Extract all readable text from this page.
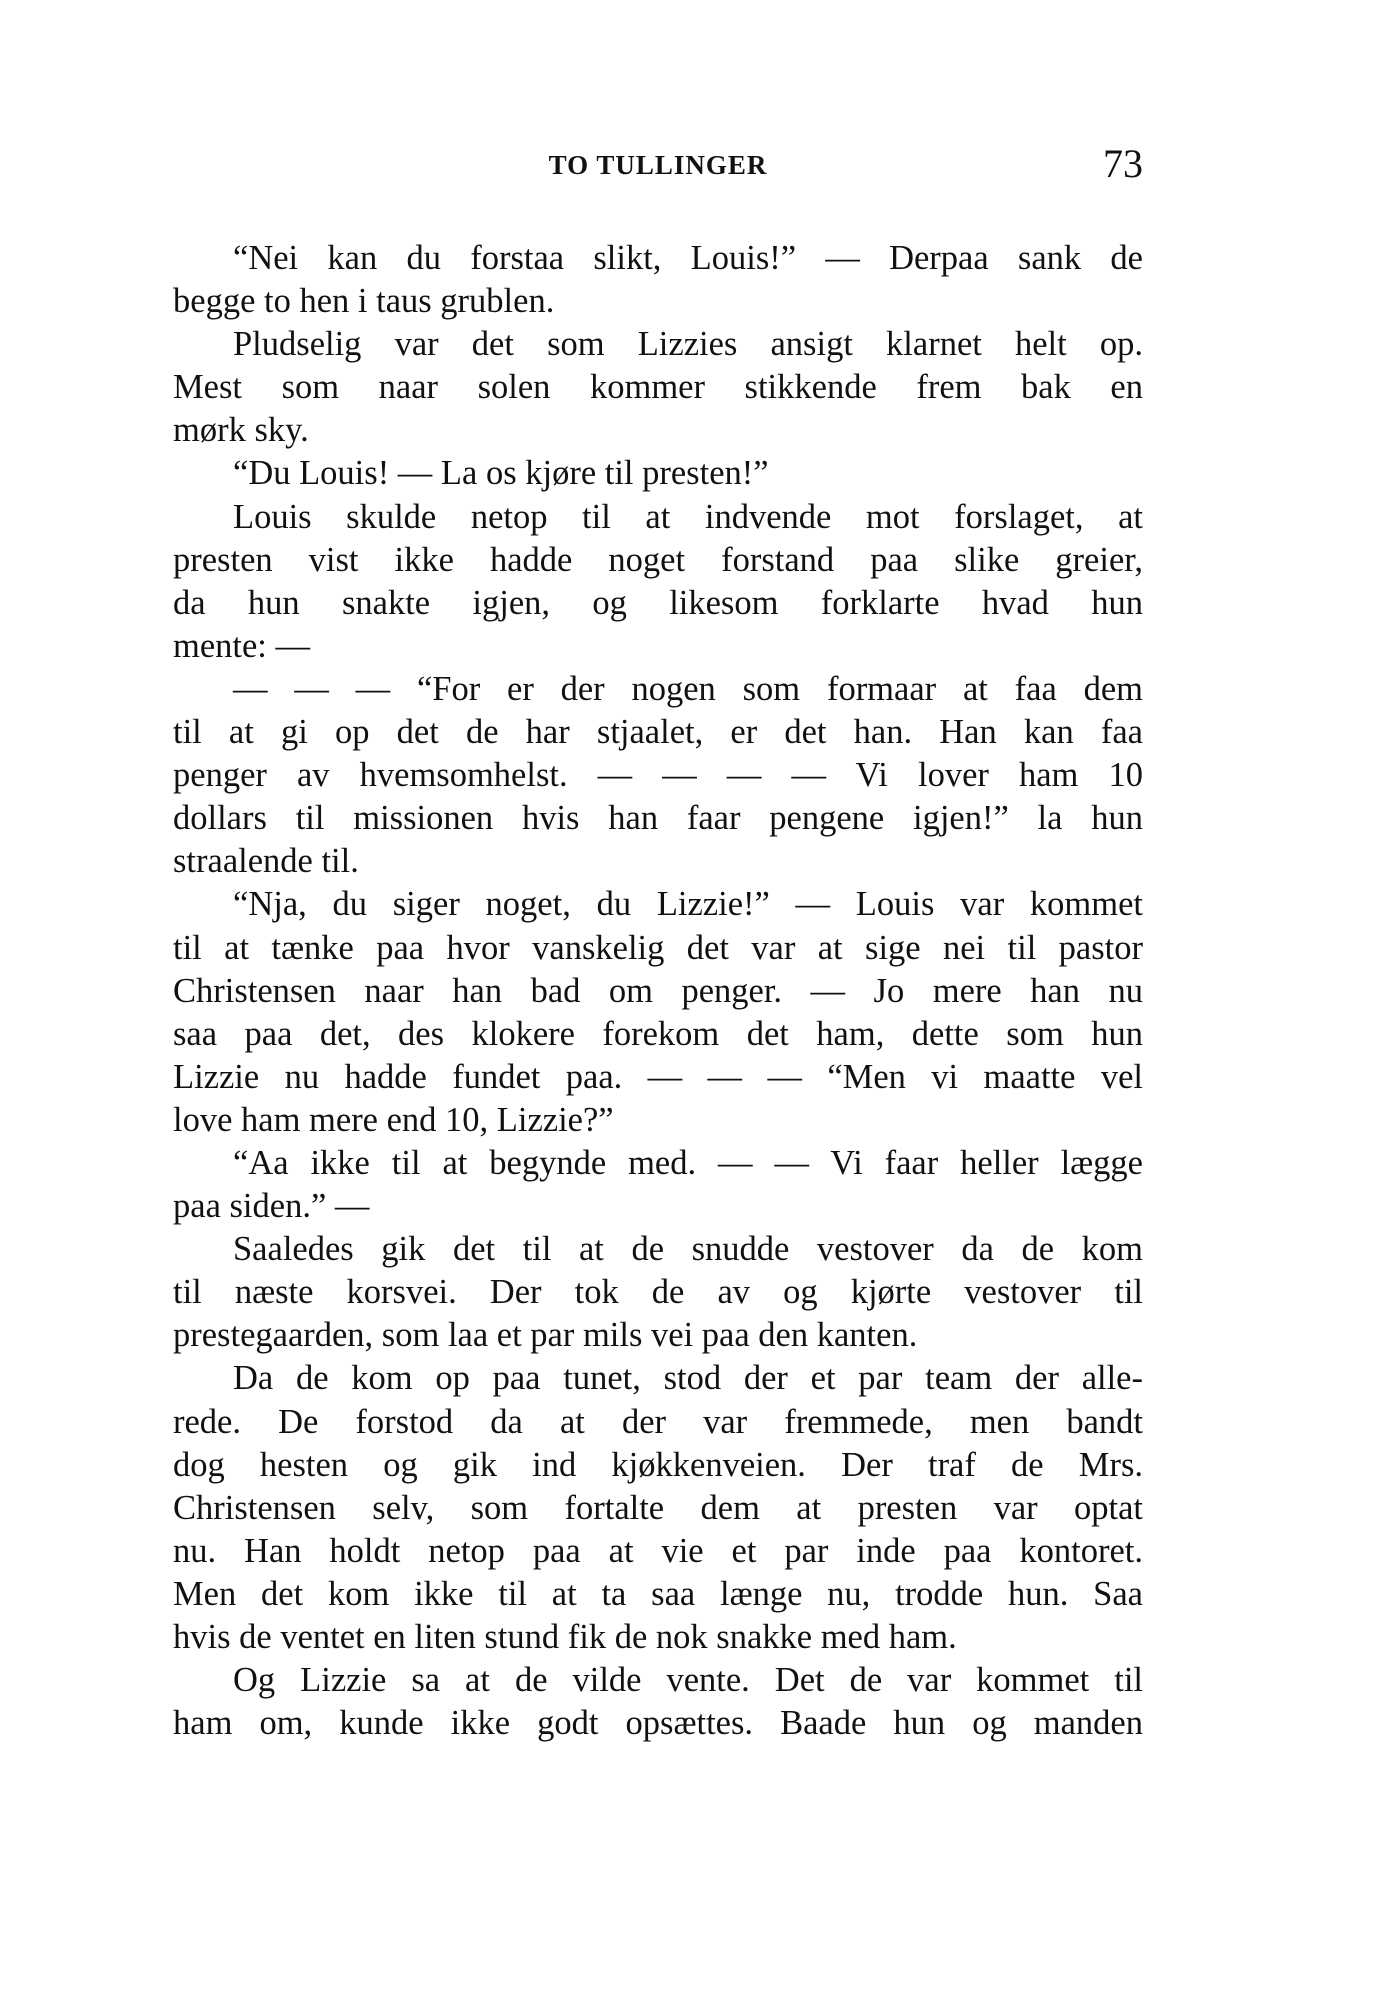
TO TULLINGER	73
“Nei kan du forstaa slikt, Louis!” — Derpaa sank de
begge to hen i taus grublen.
Pludselig var det som Lizzies ansigt klarnet helt op.
Mest som naar solen kommer stikkende frem bak en
mørk sky.
“Du Louis! — La os kjøre til presten!”
Louis skulde netop til at indvende mot forslaget, at
presten vist ikke hadde noget forstand paa slike greier,
da hun snakte igjen, og likesom forklarte hvad hun
mente: —
— — — “For er der nogen som formaar at faa dem
til at gi op det de har stjaalet, er det han. Han kan faa
penger av hvemsomhelst. — — — — Vi lover ham 10
dollars til missionen hvis han faar pengene igjen!” la hun
straalende til.
“Nja, du siger noget, du Lizzie!” — Louis var kommet
til at tænke paa hvor vanskelig det var at sige nei til pastor
Christensen naar han bad om penger. — Jo mere han nu
saa paa det, des klokere forekom det ham, dette som hun
Lizzie nu hadde fundet paa. — — — “Men vi maatte vel
love ham mere end 10, Lizzie?”
“Aa ikke til at begynde med. — — Vi faar heller lægge
paa siden.” —
Saaledes gik det til at de snudde vestover da de kom
til næste korsvei. Der tok de av og kjørte vestover til
prestegaarden, som laa et par mils vei paa den kanten.
Da de kom op paa tunet, stod der et par team der alle-
rede. De forstod da at der var fremmede, men bandt
dog hesten og gik ind kjøkkenveien. Der traf de Mrs.
Christensen selv, som fortalte dem at presten var optat
nu. Han holdt netop paa at vie et par inde paa kontoret.
Men det kom ikke til at ta saa længe nu, trodde hun. Saa
hvis de ventet en liten stund fik de nok snakke med ham.
Og Lizzie sa at de vilde vente. Det de var kommet til
ham om, kunde ikke godt opsættes. Baade hun og manden
